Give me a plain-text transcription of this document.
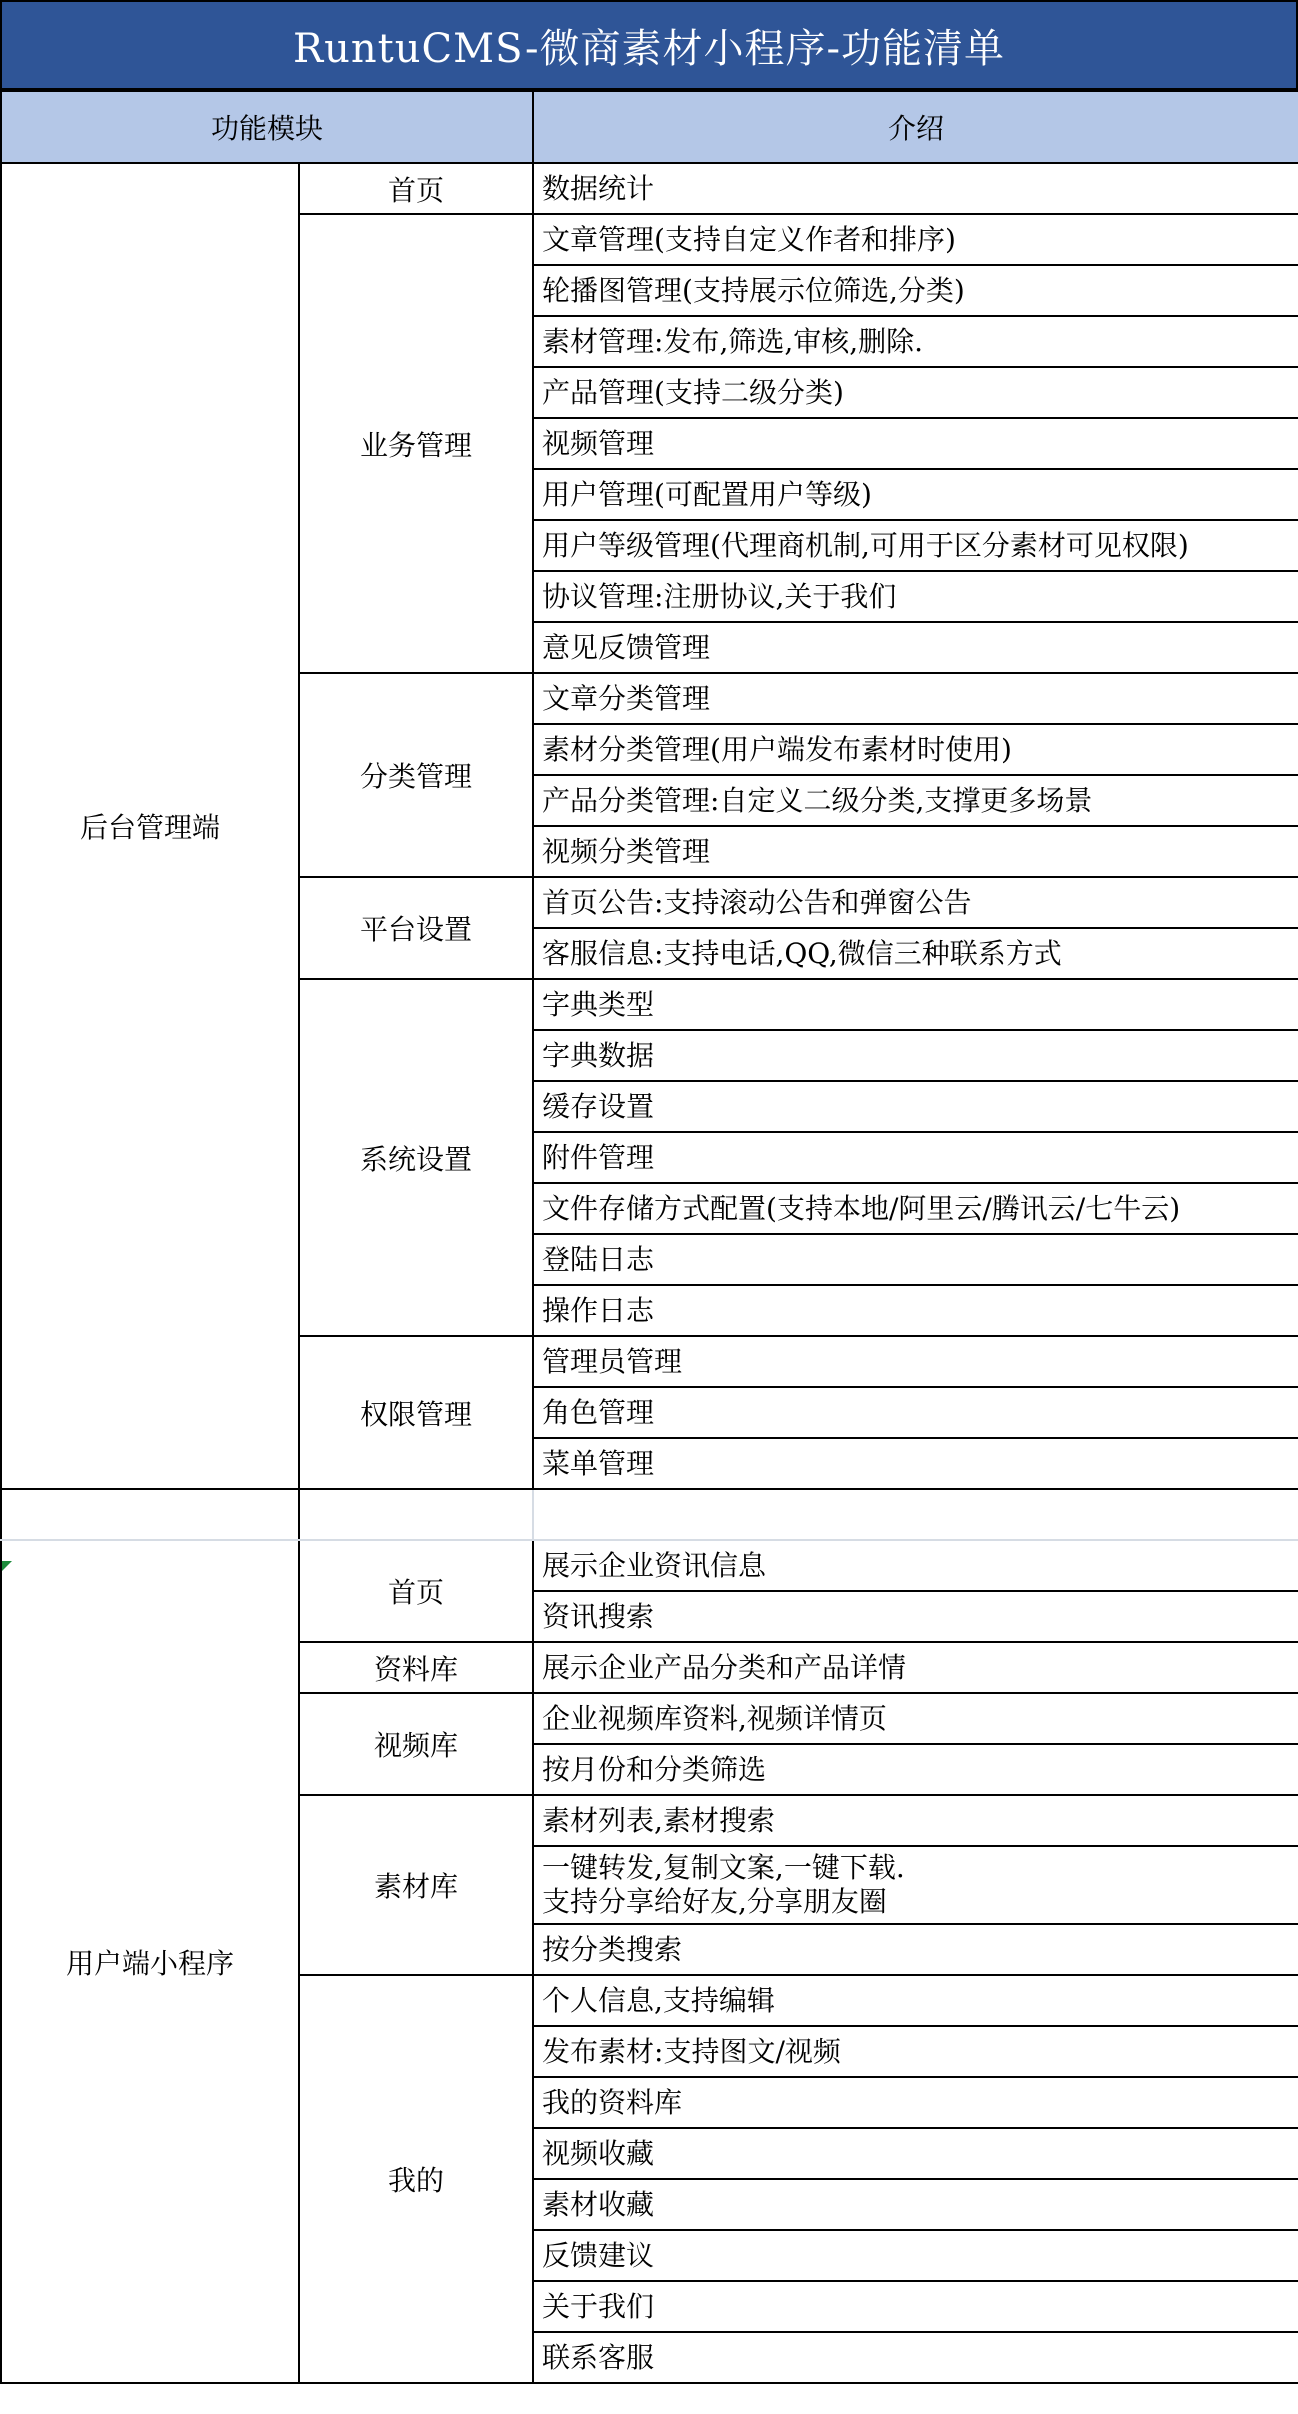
RuntuCMS-微商素材小程序-功能清单
功能模块		介绍
后台管理端	首页	数据统计
	业务管理	文章管理(支持自定义作者和排序)
		轮播图管理(支持展示位筛选,分类)
		素材管理:发布,筛选,审核,删除.
		产品管理(支持二级分类)
		视频管理
		用户管理(可配置用户等级)
		用户等级管理(代理商机制,可用于区分素材可见权限)
		协议管理:注册协议,关于我们
		意见反馈管理
	分类管理	文章分类管理
		素材分类管理(用户端发布素材时使用)
		产品分类管理:自定义二级分类,支撑更多场景
		视频分类管理
	平台设置	首页公告:支持滚动公告和弹窗公告
		客服信息:支持电话,QQ,微信三种联系方式
	系统设置	字典类型
		字典数据
		缓存设置
		附件管理
		文件存储方式配置(支持本地/阿里云/腾讯云/七牛云)
		登陆日志
		操作日志
	权限管理	管理员管理
		角色管理
		菜单管理

用户端小程序	首页	展示企业资讯信息
		资讯搜索
	资料库	展示企业产品分类和产品详情
	视频库	企业视频库资料,视频详情页
		按月份和分类筛选
	素材库	素材列表,素材搜索

		一键转发,复制文案,一键下载.
支持分享给好友,分享朋友圈

		按分类搜索
	我的	个人信息,支持编辑
		发布素材:支持图文/视频
		我的资料库
		视频收藏
		素材收藏
		反馈建议
		关于我们
		联系客服
